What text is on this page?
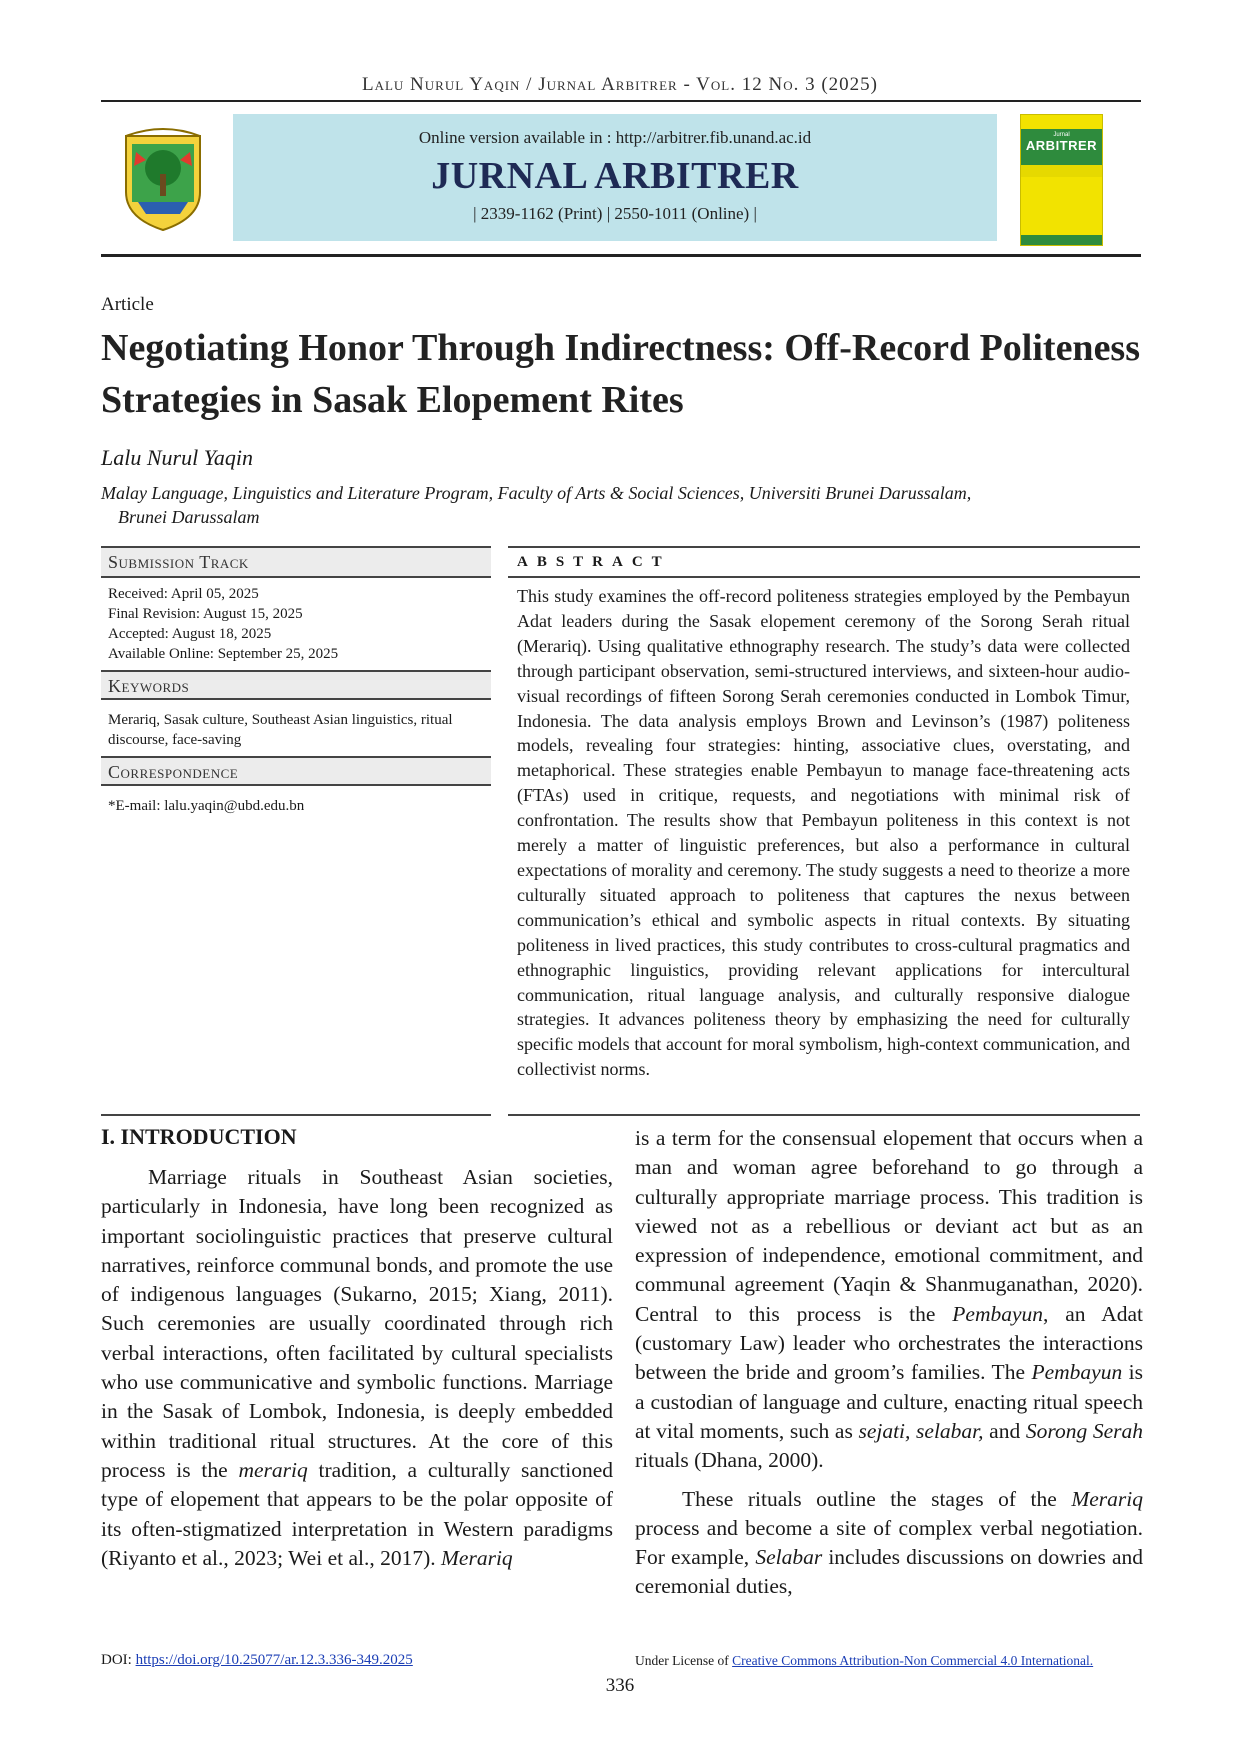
Lalu Nurul Yaqin / Jurnal Arbitrer - Vol. 12 No. 3 (2025)
Online version available in : http://arbitrer.fib.unand.ac.id
JURNAL ARBITRER
| 2339-1162 (Print) | 2550-1011 (Online) |
Jurnal
ARBITRER
Article
Negotiating Honor Through Indirectness: Off-Record Politeness Strategies in Sasak Elopement Rites
Lalu Nurul Yaqin
Malay Language, Linguistics and Literature Program, Faculty of Arts & Social Sciences, Universiti Brunei Darussalam,
Brunei Darussalam
Submission Track
Received: April 05, 2025
Final Revision: August 15, 2025
Accepted: August 18, 2025
Available Online: September 25, 2025
Keywords
Merariq, Sasak culture, Southeast Asian linguistics, ritual discourse, face-saving
Correspondence
*E-mail: lalu.yaqin@ubd.edu.bn
ABSTRACT
This study examines the off-record politeness strategies employed by the Pembayun Adat leaders during the Sasak elopement ceremony of the Sorong Serah ritual (Merariq). Using qualitative ethnography research. The study’s data were collected through participant observation, semi-structured interviews, and sixteen-hour audio-visual recordings of fifteen Sorong Serah ceremonies conducted in Lombok Timur, Indonesia. The data analysis employs Brown and Levinson’s (1987) politeness models, revealing four strategies: hinting, associative clues, overstating, and metaphorical. These strategies enable Pembayun to manage face-threatening acts (FTAs) used in critique, requests, and negotiations with minimal risk of confrontation. The results show that Pembayun politeness in this context is not merely a matter of linguistic preferences, but also a performance in cultural expectations of morality and ceremony. The study suggests a need to theorize a more culturally situated approach to politeness that captures the nexus between communication’s ethical and symbolic aspects in ritual contexts. By situating politeness in lived practices, this study contributes to cross-cultural pragmatics and ethnographic linguistics, providing relevant applications for intercultural communication, ritual language analysis, and culturally responsive dialogue strategies. It advances politeness theory by emphasizing the need for culturally specific models that account for moral symbolism, high-context communication, and collectivist norms.
I. INTRODUCTION

Marriage rituals in Southeast Asian societies, particularly in Indonesia, have long been recognized as important sociolinguistic practices that preserve cultural narratives, reinforce communal bonds, and promote the use of indigenous languages (Sukarno, 2015; Xiang, 2011). Such ceremonies are usually coordinated through rich verbal interactions, often facilitated by cultural specialists who use communicative and symbolic functions. Marriage in the Sasak of Lombok, Indonesia, is deeply embedded within traditional ritual structures. At the core of this process is the merariq tradition, a culturally sanctioned type of elopement that appears to be the polar opposite of its often-stigmatized interpretation in Western paradigms (Riyanto et al., 2023; Wei et al., 2017). Merariq

is a term for the consensual elopement that occurs when a man and woman agree beforehand to go through a culturally appropriate marriage process. This tradition is viewed not as a rebellious or deviant act but as an expression of independence, emotional commitment, and communal agreement (Yaqin & Shanmuganathan, 2020). Central to this process is the Pembayun, an Adat (customary Law) leader who orchestrates the interactions between the bride and groom’s families. The Pembayun is a custodian of language and culture, enacting ritual speech at vital moments, such as sejati, selabar, and Sorong Serah rituals (Dhana, 2000).

These rituals outline the stages of the Merariq process and become a site of complex verbal negotiation. For example, Selabar includes discussions on dowries and ceremonial duties,

DOI: https://doi.org/10.25077/ar.12.3.336-349.2025	Under License of Creative Commons Attribution-Non Commercial 4.0 International.
336
